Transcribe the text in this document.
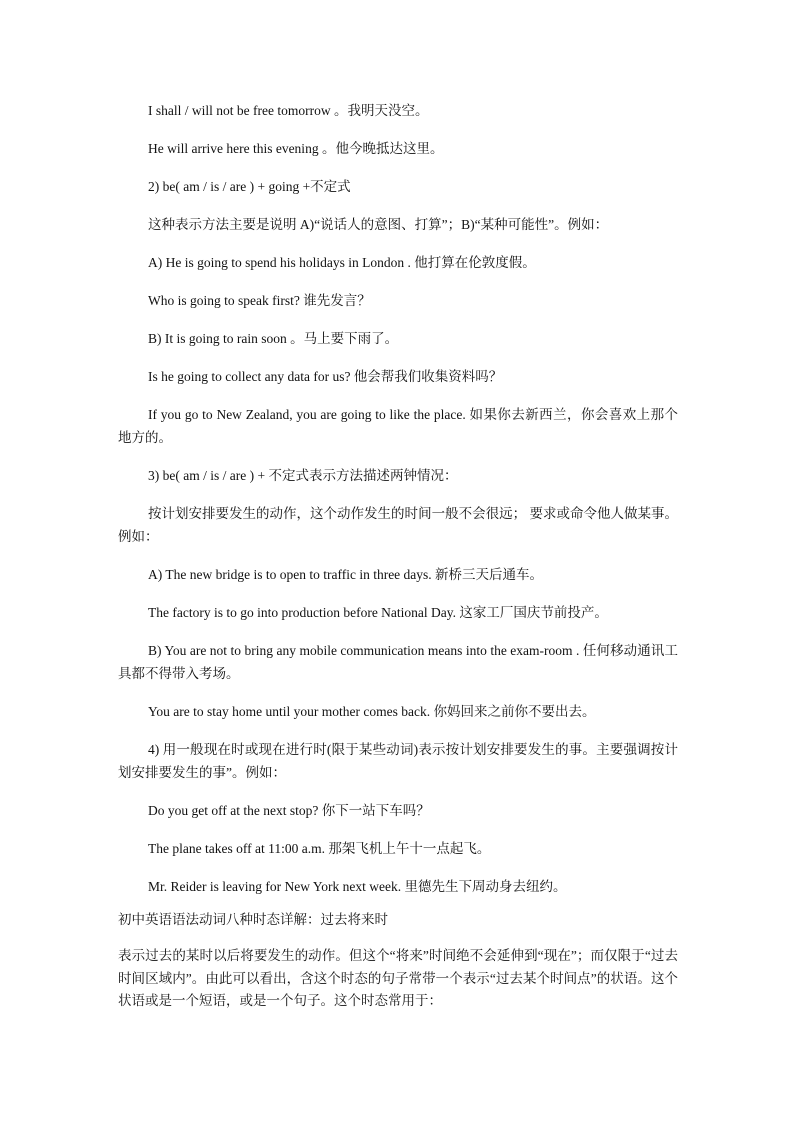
I shall / will not be free tomorrow 。我明天没空。
He will arrive here this evening 。他今晚抵达这里。
2) be( am / is / are ) + going +不定式
这种表示方法主要是说明 A)“说话人的意图、打算”；B)“某种可能性”。例如：
A) He is going to spend his holidays in London . 他打算在伦敦度假。
Who is going to speak first? 谁先发言？
B) It is going to rain soon 。马上要下雨了。
Is he going to collect any data for us? 他会帮我们收集资料吗？
If you go to New Zealand, you are going to like the place. 如果你去新西兰，你会喜欢上那个地方的。
3) be( am / is / are ) + 不定式表示方法描述两钟情况：
按计划安排要发生的动作，这个动作发生的时间一般不会很远； 要求或命令他人做某事。例如：
A) The new bridge is to open to traffic in three days. 新桥三天后通车。
The factory is to go into production before National Day. 这家工厂国庆节前投产。
B) You are not to bring any mobile communication means into the exam-room . 任何移动通讯工具都不得带入考场。
You are to stay home until your mother comes back. 你妈回来之前你不要出去。
4) 用一般现在时或现在进行时(限于某些动词)表示按计划安排要发生的事。主要强调按计划安排要发生的事”。例如：
Do you get off at the next stop? 你下一站下车吗？
The plane takes off at 11:00 a.m. 那架飞机上午十一点起飞。
Mr. Reider is leaving for New York next week. 里德先生下周动身去纽约。
初中英语语法动词八种时态详解：过去将来时
表示过去的某时以后将要发生的动作。但这个“将来”时间绝不会延伸到“现在”；而仅限于“过去时间区域内”。由此可以看出，含这个时态的句子常带一个表示“过去某个时间点”的状语。这个状语或是一个短语，或是一个句子。这个时态常用于：
